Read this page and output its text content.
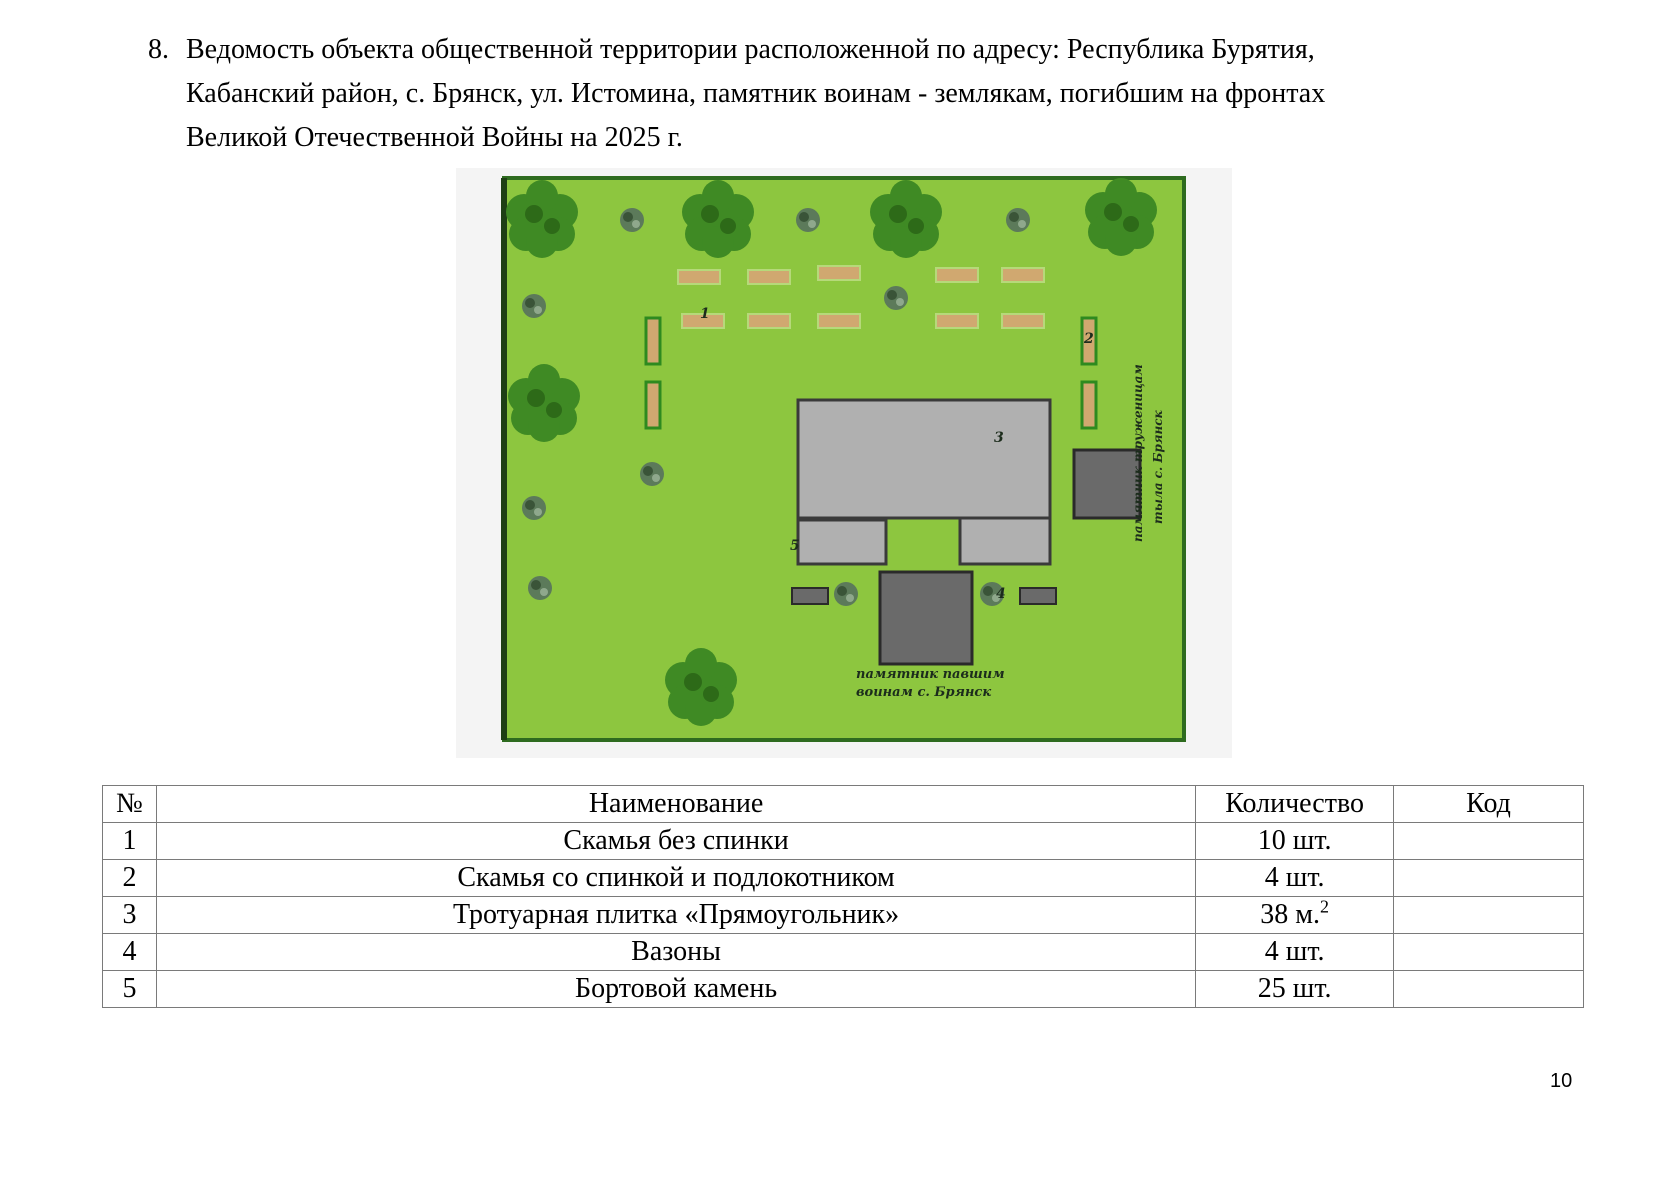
8. Ведомость объекта общественной территории расположенной по адресу: Республика Бурятия,
Кабанский район, с. Брянск, ул. Истомина, памятник воинам - землякам, погибшим на фронтах
Великой Отечественной Войны на 2025 г.
1
2
3
4
5
памятник павшим
воинам с. Брянск
памятник труженицам тыла с. Брянск
№	Наименование	Количество	Код
1	Скамья без спинки	10 шт.	
2	Скамья со спинкой и подлокотником	4 шт.	
3	Тротуарная плитка «Прямоугольник»	38 м.$^2$	
4	Вазоны	4 шт.	
5	Бортовой камень	25 шт.	
10
